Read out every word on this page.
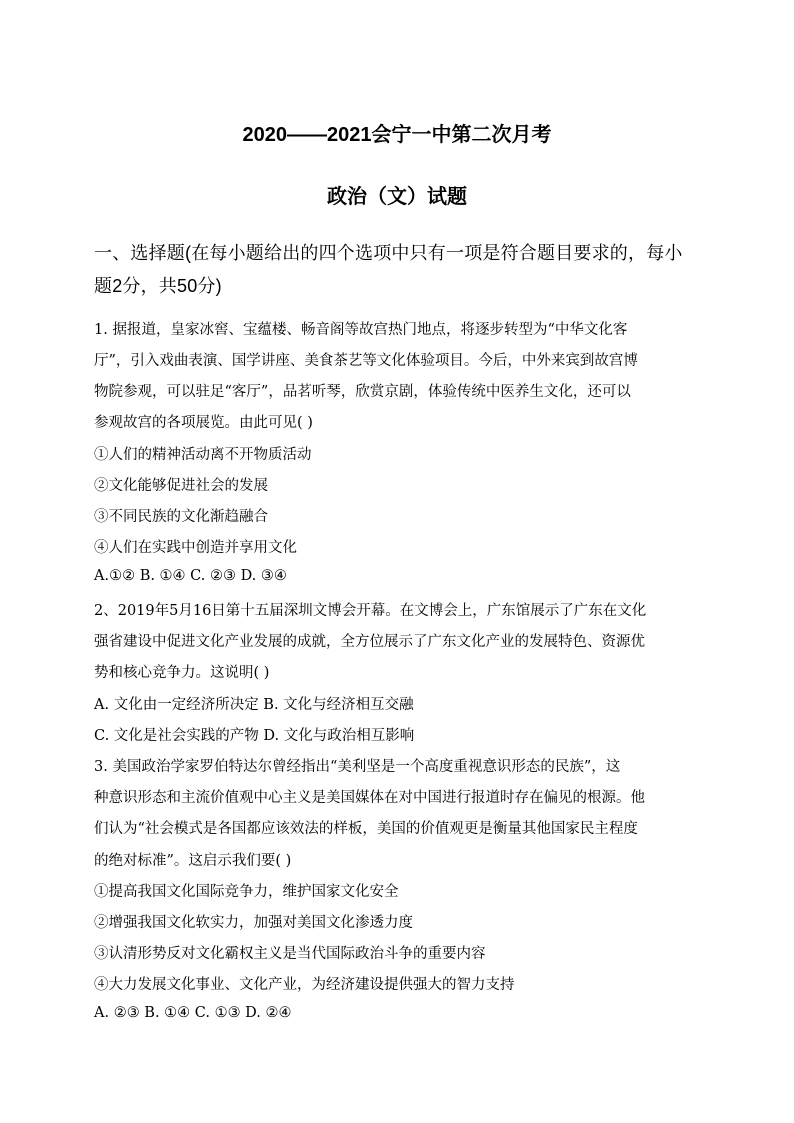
2020——2021会宁一中第二次月考
政治（文）试题
一、选择题(在每小题给出的四个选项中只有一项是符合题目要求的，每小
题2分，共50分)
1. 据报道，皇家冰窖、宝蕴楼、畅音阁等故宫热门地点，将逐步转型为“中华文化客
厅”，引入戏曲表演、国学讲座、美食茶艺等文化体验项目。今后，中外来宾到故宫博
物院参观，可以驻足“客厅”，品茗听琴，欣赏京剧，体验传统中医养生文化，还可以
参观故宫的各项展览。由此可见( )
①人们的精神活动离不开物质活动
②文化能够促进社会的发展
③不同民族的文化渐趋融合
④人们在实践中创造并享用文化
A.①② B. ①④ C. ②③ D. ③④
2、2019年5月16日第十五届深圳文博会开幕。在文博会上，广东馆展示了广东在文化
强省建设中促进文化产业发展的成就，全方位展示了广东文化产业的发展特色、资源优
势和核心竞争力。这说明( )
A. 文化由一定经济所决定 B. 文化与经济相互交融
C. 文化是社会实践的产物 D. 文化与政治相互影响
3. 美国政治学家罗伯特达尔曾经指出“美利坚是一个高度重视意识形态的民族”，这
种意识形态和主流价值观中心主义是美国媒体在对中国进行报道时存在偏见的根源。他
们认为“社会模式是各国都应该效法的样板，美国的价值观更是衡量其他国家民主程度
的绝对标准”。这启示我们要( )
①提高我国文化国际竞争力，维护国家文化安全
②增强我国文化软实力，加强对美国文化渗透力度
③认清形势反对文化霸权主义是当代国际政治斗争的重要内容
④大力发展文化事业、文化产业，为经济建设提供强大的智力支持
A. ②③ B. ①④ C. ①③ D. ②④
